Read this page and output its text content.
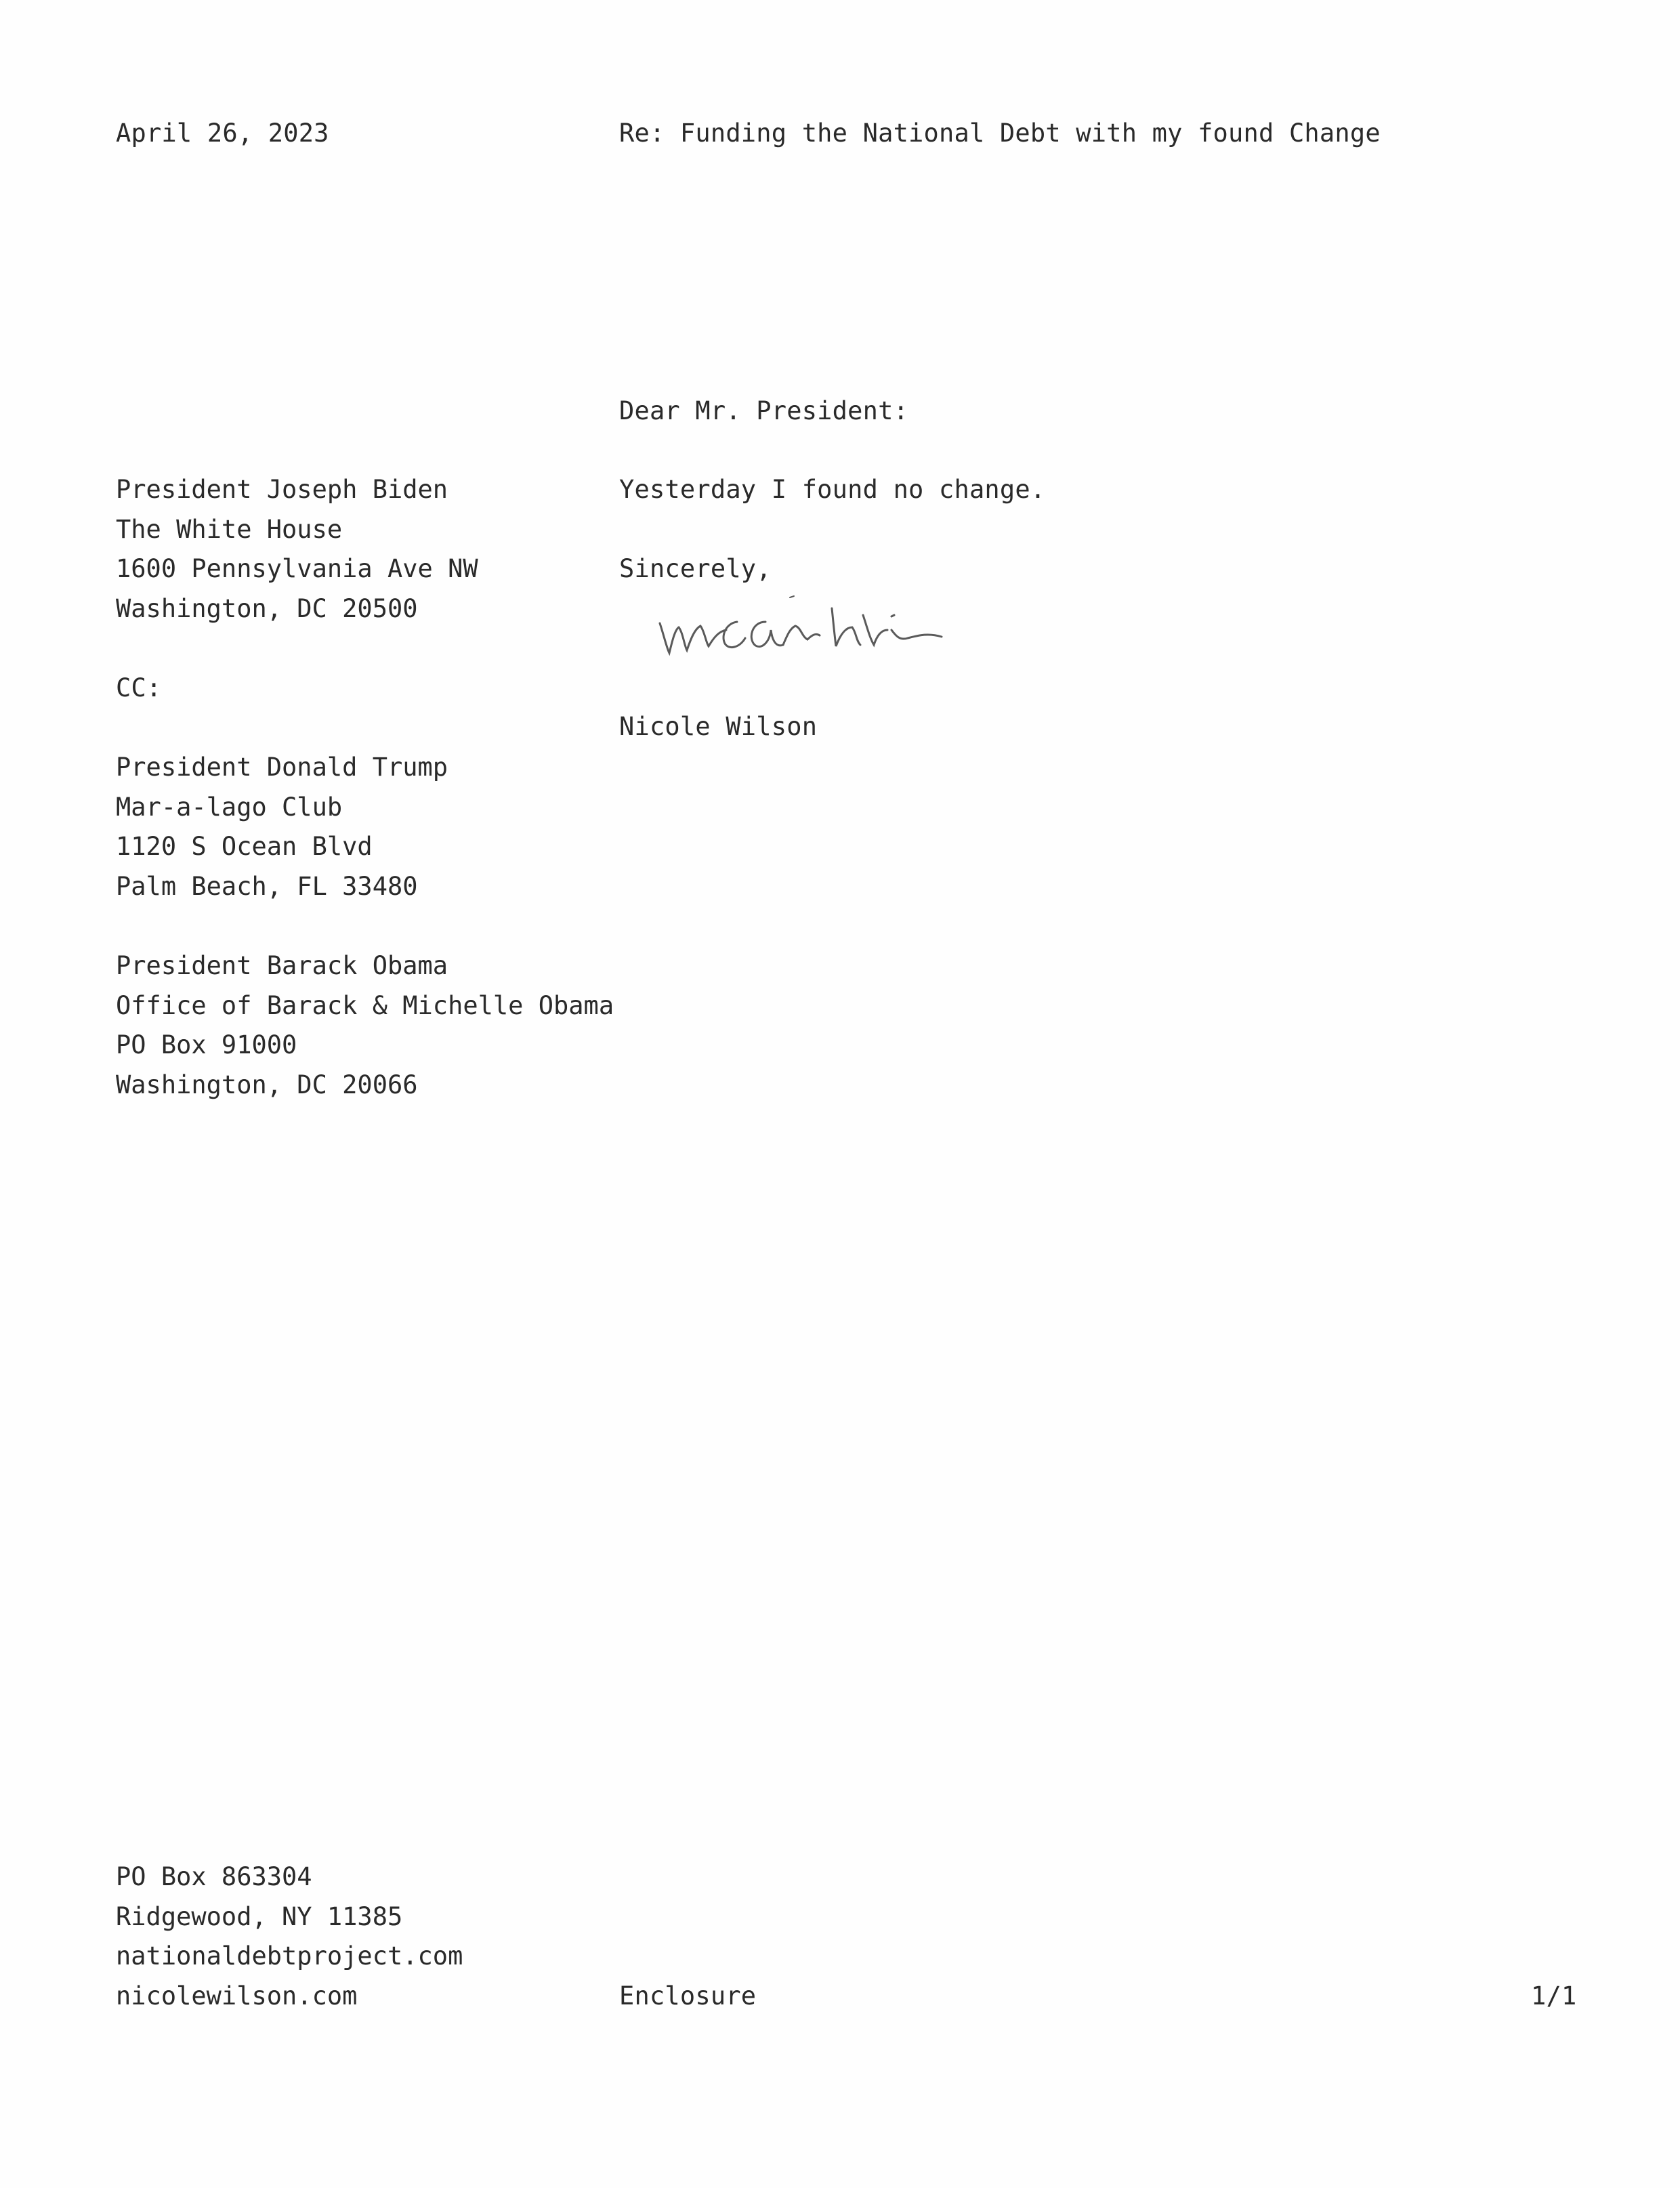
April 26, 2023	Re: Funding the National Debt with my found Change
Dear Mr. President:
Yesterday I found no change.
Sincerely,
Nicole Wilson
President Joseph Biden
The White House
1600 Pennsylvania Ave NW
Washington, DC 20500
CC:
President Donald Trump
Mar-a-lago Club
1120 S Ocean Blvd
Palm Beach, FL 33480
President Barack Obama
Office of Barack & Michelle Obama
PO Box 91000
Washington, DC 20066
PO Box 863304
Ridgewood, NY 11385
nationaldebtproject.com
nicolewilson.com	Enclosure	1/1
